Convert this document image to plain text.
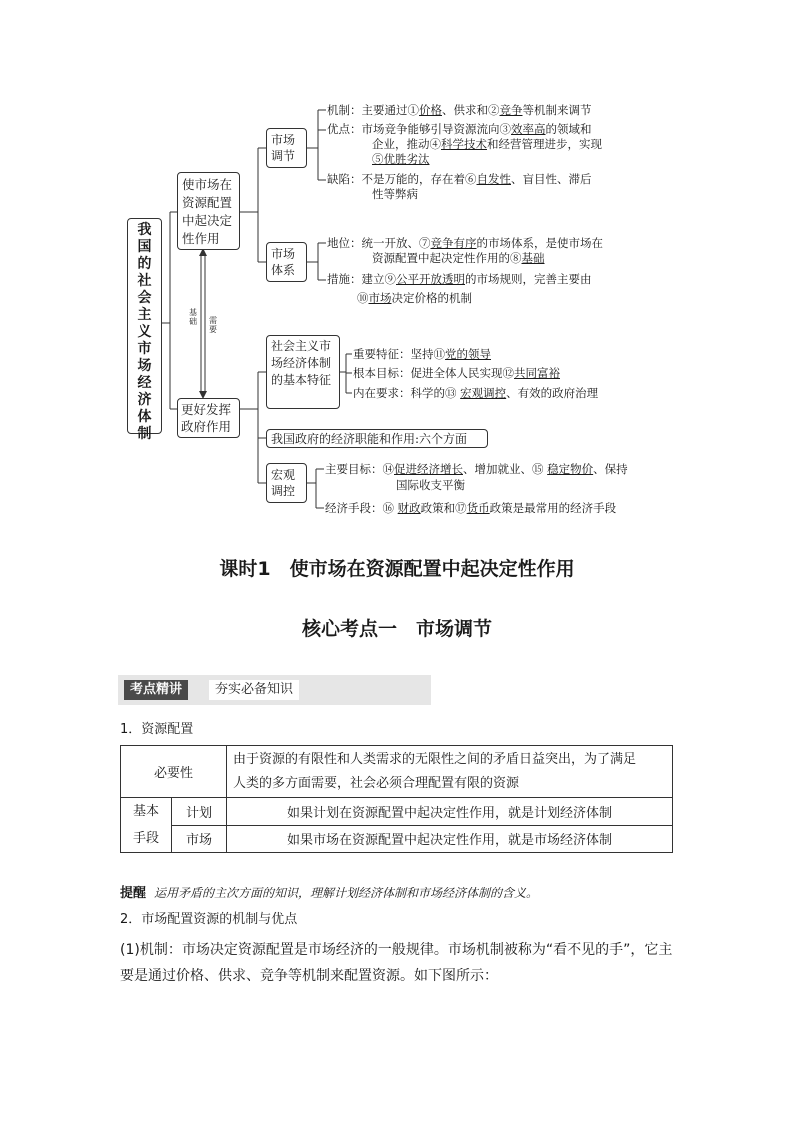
我
国
的
社
会
主
义
市
场
经
济
体
制
使市场在资源配置中起决定性作用
更好发挥政府作用
基础 需要
市场调节
市场体系
社会主义市场经济体制的基本特征
我国政府的经济职能和作用:六个方面
宏观调控
机制：主要通过①价格、供求和②竞争等机制来调节
优点：市场竞争能够引导资源流向③效率高的领域和
企业，推动④科学技术和经营管理进步，实现
⑤优胜劣汰
缺陷：不是万能的，存在着⑥自发性、盲目性、滞后
性等弊病
地位：统一开放、⑦竞争有序的市场体系，是使市场在
资源配置中起决定性作用的⑧基础
措施：建立⑨公平开放透明的市场规则，完善主要由
⑩市场决定价格的机制
重要特征：坚持⑪党的领导
根本目标：促进全体人民实现⑫共同富裕
内在要求：科学的⑬ 宏观调控、有效的政府治理
主要目标：⑭促进经济增长、增加就业、⑮ 稳定物价、保持
国际收支平衡
经济手段：⑯ 财政政策和⑰货币政策是最常用的经济手段
课时1　使市场在资源配置中起决定性作用
核心考点一　市场调节
考点精讲	夯实必备知识
1．资源配置
必要性		由于资源的有限性和人类需求的无限性之间的矛盾日益突出，为了满足
人类的多方面需要，社会必须合理配置有限的资源
基本
手段	计划	如果计划在资源配置中起决定性作用，就是计划经济体制
	市场	如果市场在资源配置中起决定性作用，就是市场经济体制
提醒 运用矛盾的主次方面的知识，理解计划经济体制和市场经济体制的含义。
2．市场配置资源的机制与优点
(1)机制：市场决定资源配置是市场经济的一般规律。市场机制被称为“看不见的手”，它主
要是通过价格、供求、竞争等机制来配置资源。如下图所示：
